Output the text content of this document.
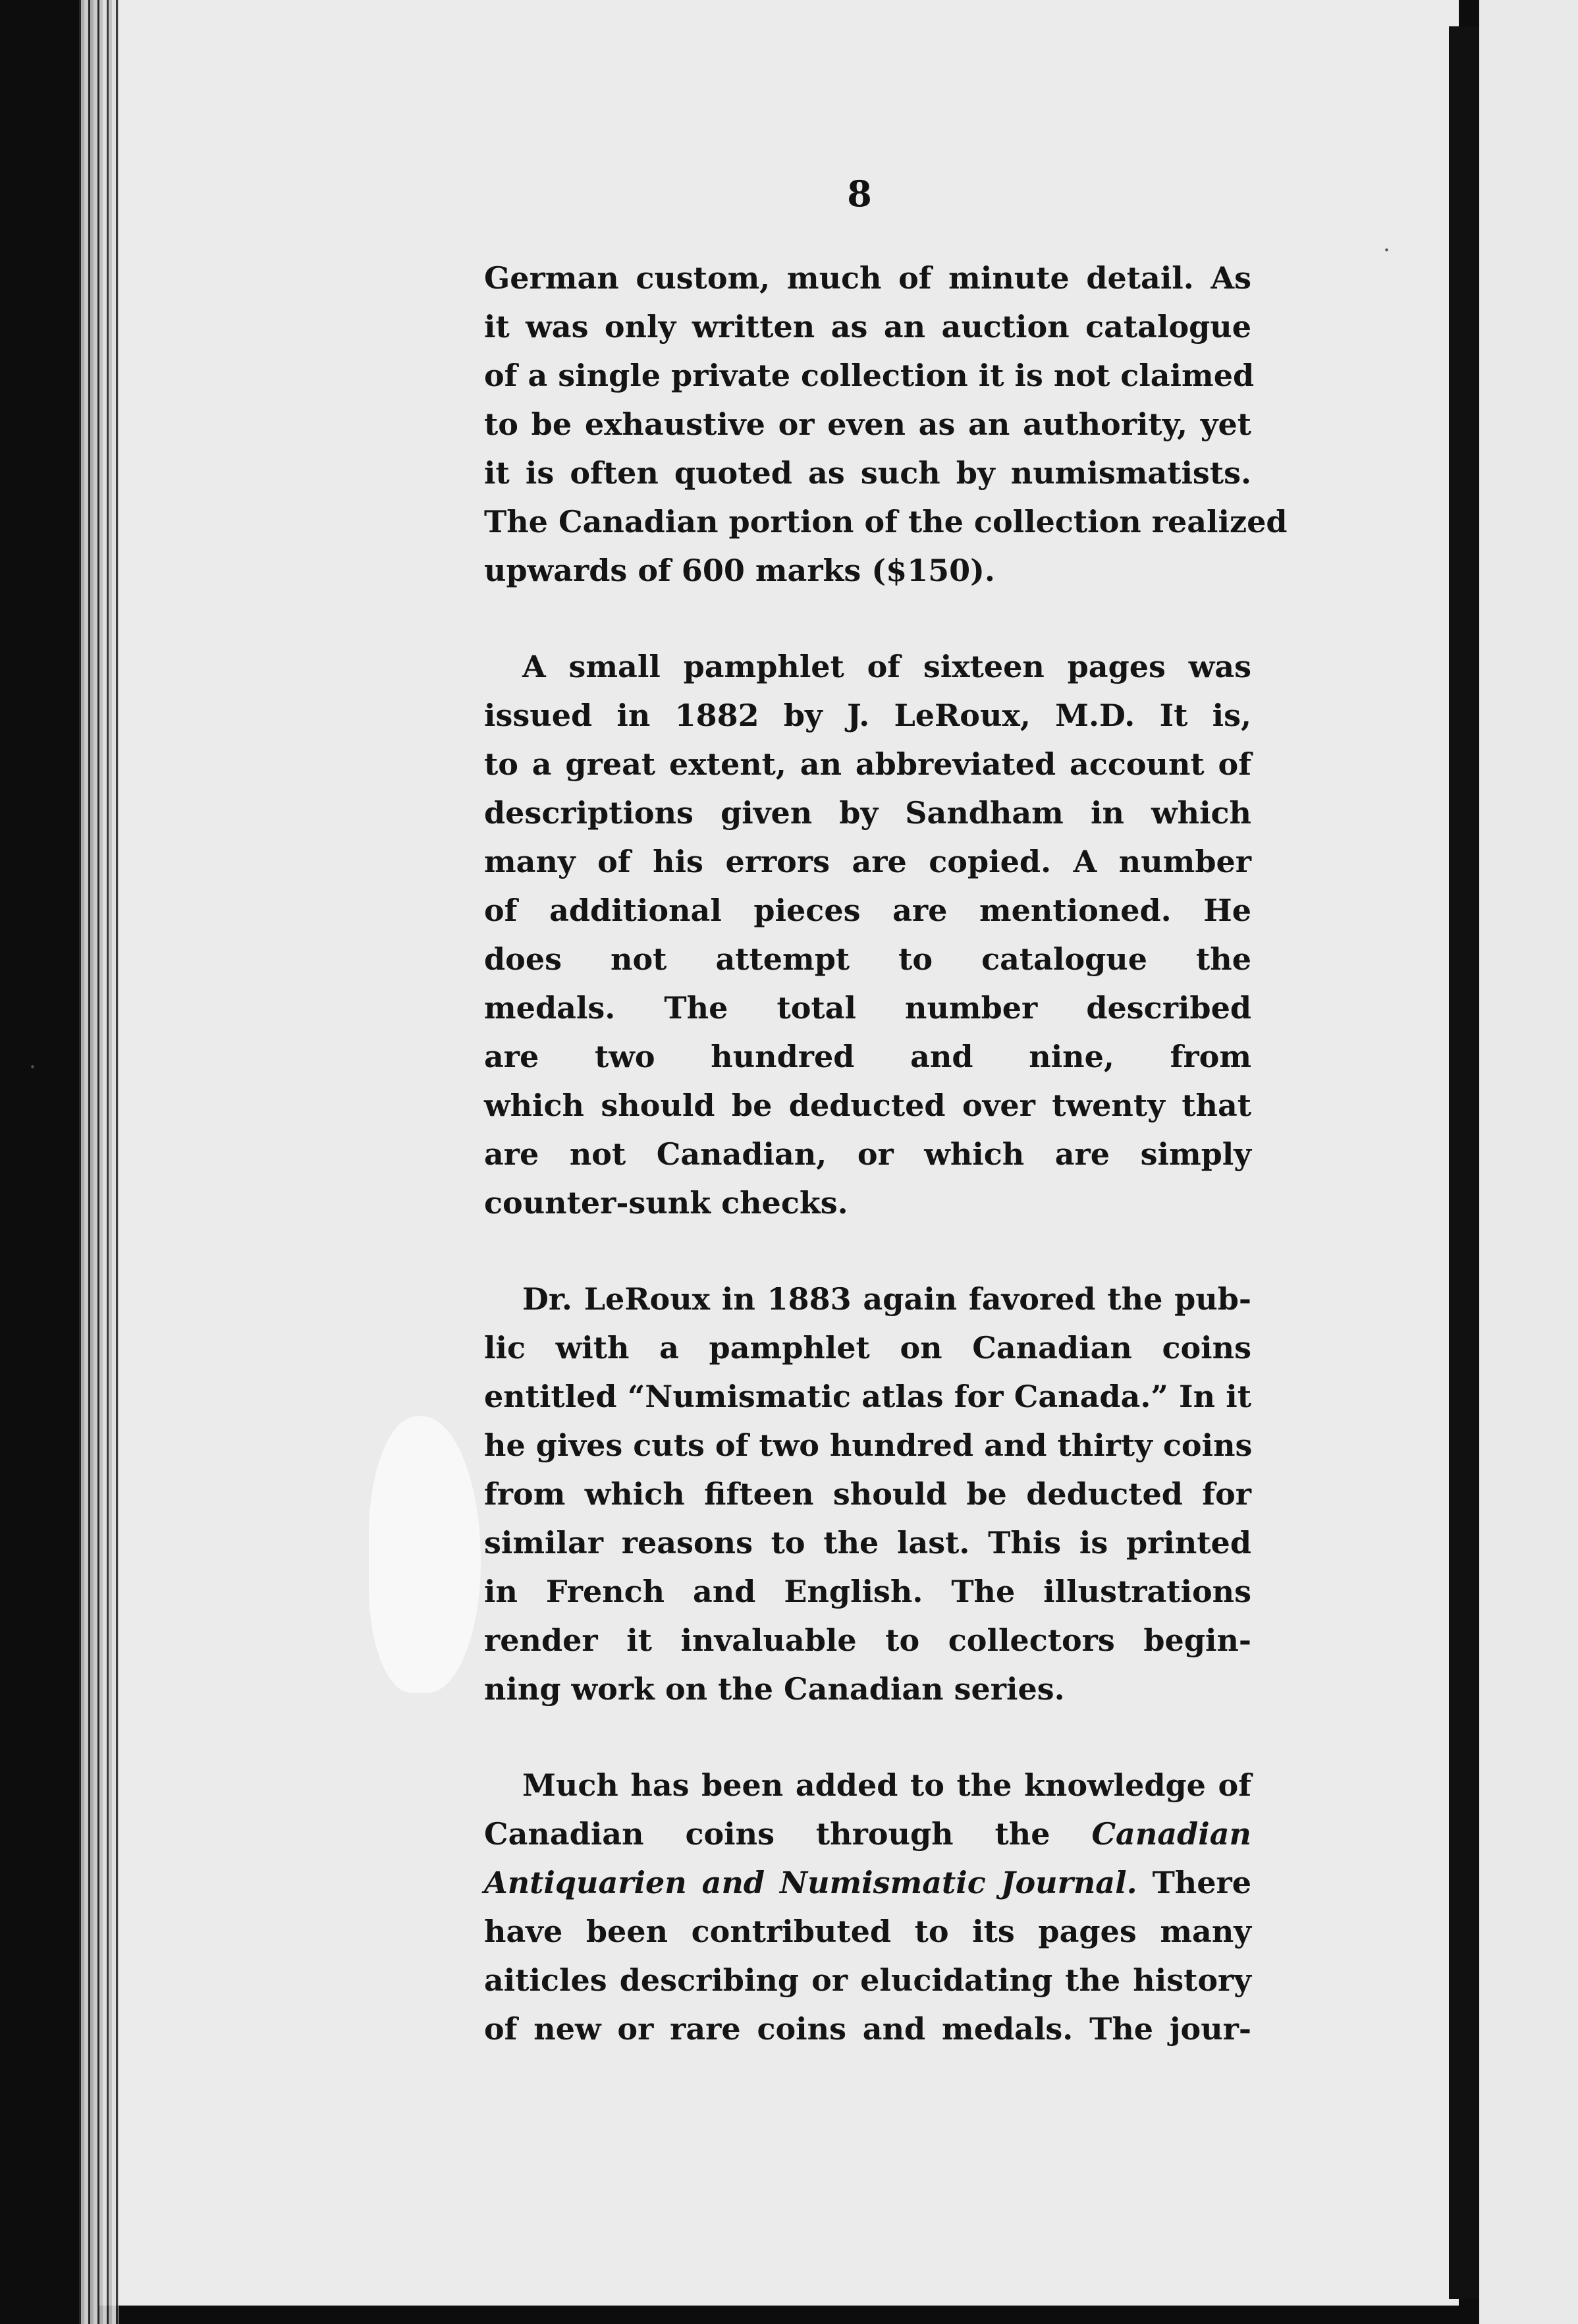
·
.
8

German custom, much of minute detail. As
it was only written as an auction catalogue
of a single private collection it is not claimed
to be exhaustive or even as an authority, yet
it is often quoted as such by numismatists.
The Canadian portion of the collection realized
upwards of 600 marks ($150).

A small pamphlet of sixteen pages was
issued in 1882 by J. LeRoux, M.D. It is,
to a great extent, an abbreviated account of
descriptions given by Sandham in which
many of his errors are copied. A number
of additional pieces are mentioned. He
does not attempt to catalogue the
medals. The total number described
are two hundred and nine, from
which should be deducted over twenty that
are not Canadian, or which are simply
counter-sunk checks.

Dr. LeRoux in 1883 again favored the pub-
lic with a pamphlet on Canadian coins
entitled “Numismatic atlas for Canada.” In it
he gives cuts of two hundred and thirty coins
from which fifteen should be deducted for
similar reasons to the last. This is printed
in French and English. The illustrations
render it invaluable to collectors begin-
ning work on the Canadian series.

Much has been added to the knowledge of
Canadian coins through the Canadian
Antiquarien and Numismatic Journal. There
have been contributed to its pages many
aiticles describing or elucidating the history
of new or rare coins and medals. The jour-
